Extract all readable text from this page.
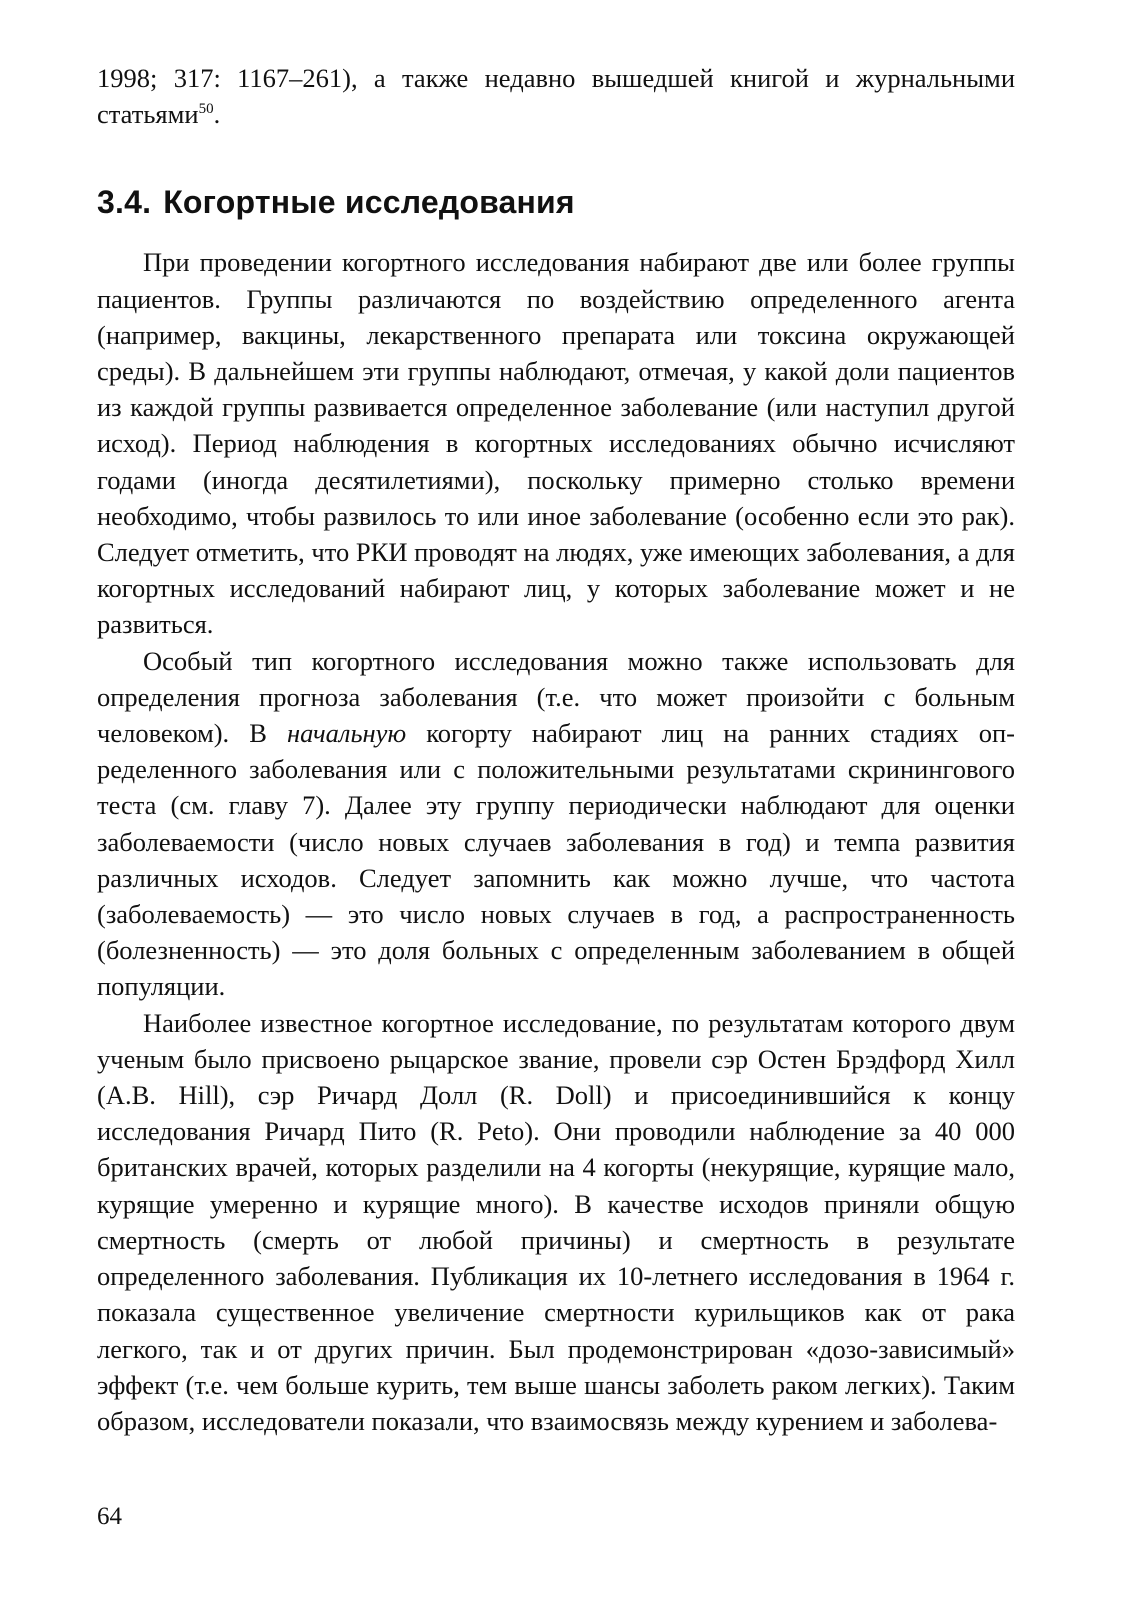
1998; 317: 1167–261), а также недавно вышедшей книгой и журнальными статьями$^{50}$.

3.4. Когортные исследования

При проведении когортного исследования набирают две или более группы пациентов. Группы различаются по воздействию определенного агента (например, вакцины, лекарственного препарата или токсина окружающей среды). В дальнейшем эти группы наблюдают, отмечая, у какой доли пациентов из каждой группы развивается определенное заболевание (или наступил другой исход). Период наблюдения в когортных исследованиях обычно исчисляют годами (иногда десятилетиями), поскольку примерно столько времени необходимо, чтобы развилось то или иное заболевание (особенно если это рак). Следует отметить, что РКИ проводят на людях, уже имеющих заболевания, а для когортных исследований набирают лиц, у которых заболевание может и не развиться.

Особый тип когортного исследования можно также использовать для определения прогноза заболевания (т.е. что может произойти с больным человеком). В начальную когорту набирают лиц на ранних стадиях определенного заболевания или с положительными результатами скринингового теста (см. главу 7). Далее эту группу периодически наблюдают для оценки заболеваемости (число новых случаев заболевания в год) и темпа развития различных исходов. Следует запомнить как можно лучше, что частота (заболеваемость) — это число новых случаев в год, а распространенность (болезненность) — это доля больных с определенным заболеванием в общей популяции.

Наиболее известное когортное исследование, по результатам которого двум ученым было присвоено рыцарское звание, провели сэр Остен Брэдфорд Хилл (A.B. Hill), сэр Ричард Долл (R. Doll) и присоединившийся к концу исследования Ричард Пито (R. Peto). Они проводили наблюдение за 40 000 британских врачей, которых разделили на 4 когорты (некурящие, курящие мало, курящие умеренно и курящие много). В качестве исходов приняли общую смертность (смерть от любой причины) и смертность в результате определенного заболевания. Публикация их 10-летнего исследования в 1964 г. показала существенное увеличение смертности курильщиков как от рака легкого, так и от других причин. Был продемонстрирован «дозо-зависимый» эффект (т.е. чем больше курить, тем выше шансы заболеть раком легких). Таким образом, исследователи показали, что взаимосвязь между курением и заболева-

64
